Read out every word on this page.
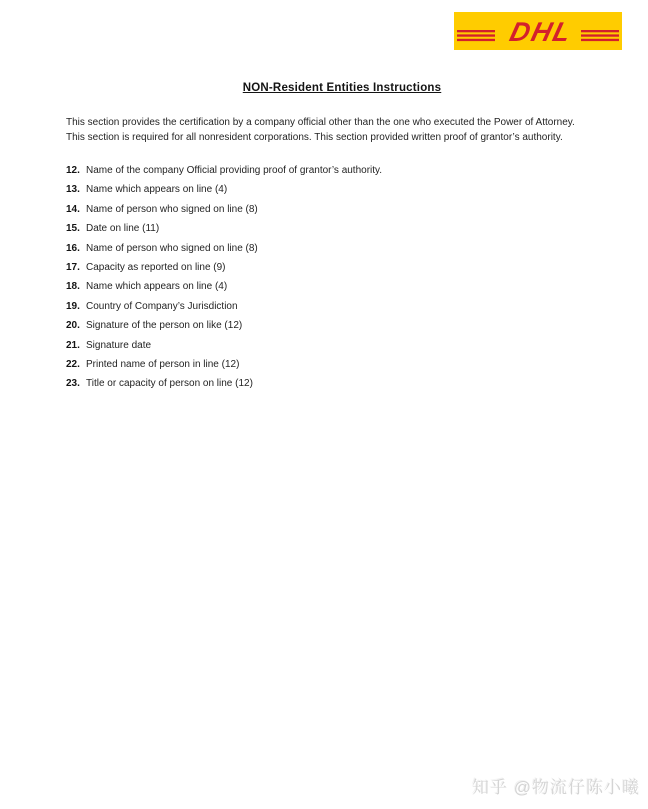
DHL
NON-Resident Entities Instructions
This section provides the certification by a company official other than the one who executed the Power of Attorney.
This section is required for all nonresident corporations. This section provided written proof of grantor’s authority.
12. Name of the company Official providing proof of grantor’s authority.
13. Name which appears on line (4)
14. Name of person who signed on line (8)
15. Date on line (11)
16. Name of person who signed on line (8)
17. Capacity as reported on line (9)
18. Name which appears on line (4)
19. Country of Company’s Jurisdiction
20. Signature of the person on like (12)
21. Signature date
22. Printed name of person in line (12)
23. Title or capacity of person on line (12)
知乎 @物流仔陈小曦
